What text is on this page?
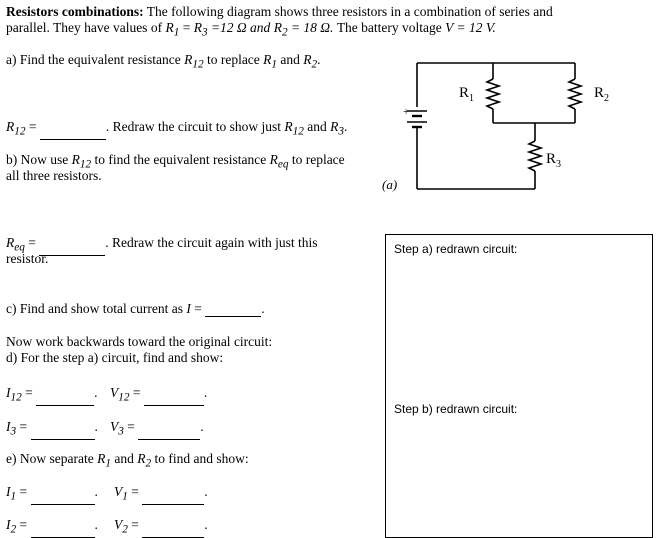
Resistors combinations: The following diagram shows three resistors in a combination of series and
parallel. They have values of $R_1 = R_3 =12$ Ω and $R_2 = 18$ Ω. The battery voltage V = 12 V.
a) Find the equivalent resistance $R_{12}$ to replace $R_1$ and $R_2$.
$R_{12}$ =	. Redraw the circuit to show just $R_{12}$ and $R_3$.
b) Now use $R_{12}$ to find the equivalent resistance $R_{eq}$ to replace
all three resistors.
$R_{eq}$ =	. Redraw the circuit again with just this
resistor.
c) Find and show total current as I =	.
Now work backwards toward the original circuit:
d) For the step a) circuit, find and show:
$I_{12}$ =	. $V_{12}$ =	.
$I_3$ =	. $V_3$ =	.
e) Now separate $R_1$ and $R_2$ to find and show:
$I_1$ =	. $V_1$ =	.
$I_2$ =	. $V_2$ =	.
+
$R_1$	$R_2$
$R_3$
(a)
Step a) redrawn circuit:
Step b) redrawn circuit:
